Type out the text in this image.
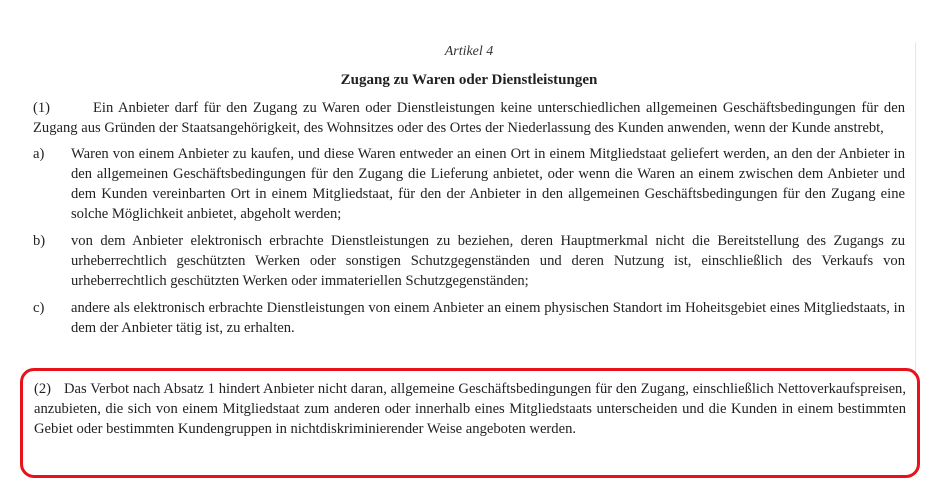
Artikel 4
Zugang zu Waren oder Dienstleistungen

(1)	Ein Anbieter darf für den Zugang zu Waren oder Dienstleistungen keine unterschiedlichen allgemeinen Geschäftsbedingungen für den Zugang aus Gründen der Staatsangehörigkeit, des Wohnsitzes oder des Ortes der Niederlassung des Kunden anwenden, wenn der Kunde anstrebt,

a) Waren von einem Anbieter zu kaufen, und diese Waren entweder an einen Ort in einem Mitgliedstaat geliefert werden, an den der Anbieter in den allgemeinen Geschäftsbedingungen für den Zugang die Lieferung anbietet, oder wenn die Waren an einem zwischen dem Anbieter und dem Kunden vereinbarten Ort in einem Mitgliedstaat, für den der Anbieter in den allgemeinen Geschäftsbedingungen für den Zugang eine solche Möglichkeit anbietet, abgeholt werden;
b) von dem Anbieter elektronisch erbrachte Dienstleistungen zu beziehen, deren Hauptmerkmal nicht die Bereitstellung des Zugangs zu urheberrechtlich geschützten Werken oder sonstigen Schutzgegenständen und deren Nutzung ist, einschließlich des Verkaufs von urheberrechtlich geschützten Werken oder immateriellen Schutzgegenständen;
c) andere als elektronisch erbrachte Dienstleistungen von einem Anbieter an einem physischen Standort im Hoheitsgebiet eines Mitgliedstaats, in dem der Anbieter tätig ist, zu erhalten.

(2) Das Verbot nach Absatz 1 hindert Anbieter nicht daran, allgemeine Geschäftsbedingungen für den Zugang, einschließlich Nettoverkaufspreisen, anzubieten, die sich von einem Mitgliedstaat zum anderen oder innerhalb eines Mitgliedstaats unterscheiden und die Kunden in einem bestimmten Gebiet oder bestimmten Kundengruppen in nichtdiskriminierender Weise angeboten werden.
